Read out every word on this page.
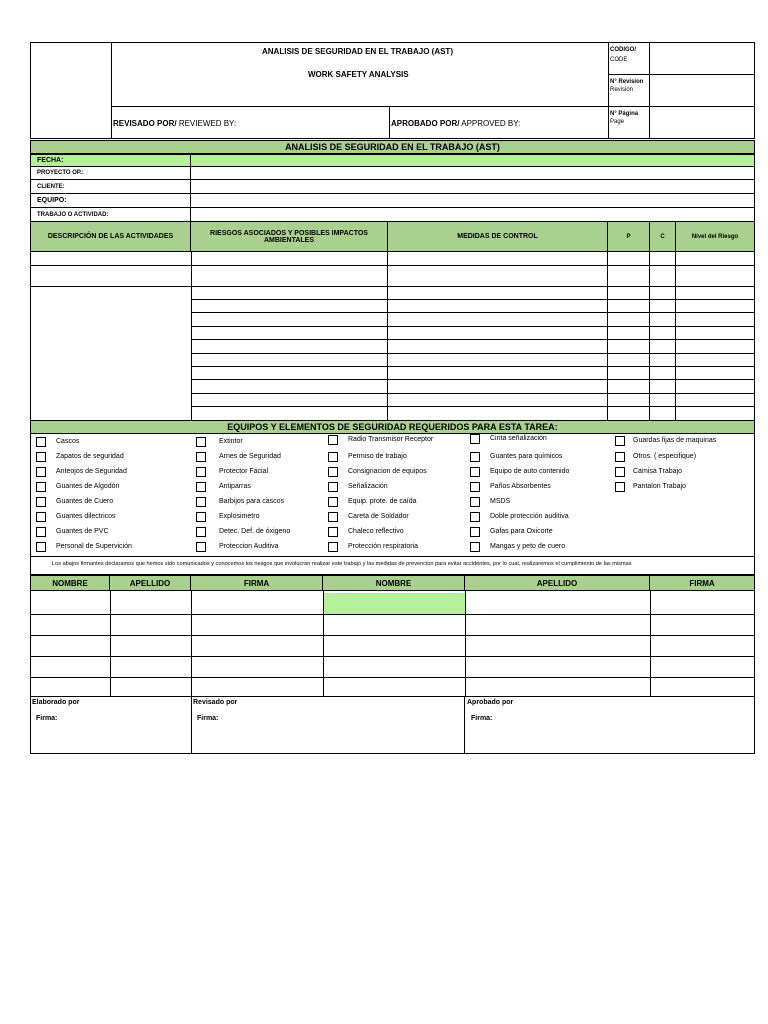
ANALISIS DE SEGURIDAD EN EL TRABAJO (AST)
WORK SAFETY ANALYSIS
REVISADO POR/ REVIEWED BY:	APROBADO POR/ APPROVED BY:
CODIGO/
CODE
N° Revision
Revisión
N° Página
Page
ANALISIS DE SEGURIDAD EN EL TRABAJO (AST)
FECHA:
PROYECTO OP.:
CLIENTE:
EQUIPO:
TRABAJO O ACTIVIDAD:
DESCRIPCIÓN DE LAS ACTIVIDADES	RIESGOS ASOCIADOS Y POSIBLES IMPACTOS AMBIENTALES	MEDIDAS DE CONTROL	P	C	Nivel del Riesgo
EQUIPOS Y ELEMENTOS DE SEGURIDAD REQUERIDOS PARA ESTA TAREA:
Cascos
Zapatos de seguridad
Anteojos de Seguridad
Guantes de Algodón
Guantes de Cuero
Guantes dilectricos
Guantes de PVC
Personal de Supervición
Extintor
Arnes de Seguridad
Protector Facial
Antiparras
Barbijos para cascos
Explosimetro
Detec. Def. de óxigeno
Proteccion Auditiva
Radio Transmisor Receptor
Permiso de trabajo
Consignacion de equipos
Señalización
Equip. prote. de caída
Careta de Soldador
Chaleco reflectivo
Protección respiratoria
Cinta señalización
Guantes para químicos
Equipo de auto contenido
Paños Absorbentes
MSDS
Doble protección auditiva
Gafas para Oxicorte
Mangas y peto de cuero
Guardas fijas de maquinas
Otros. ( especifique)
Camisa Trabajo
Pantalon Trabajo
Los abajos firmantes declaramos que hemos sido comunicados y conocemos los riesgos que involucran realizar este trabajo y las medidas de prevencion para evitar accidentes, por lo cual, realizaremos el cumplimiento de las mismas
NOMBRE	APELLIDO	FIRMA	NOMBRE	APELLIDO	FIRMA
Elaborado por
Firma:
Revisado por
Firma:
Aprobado por
Firma:
